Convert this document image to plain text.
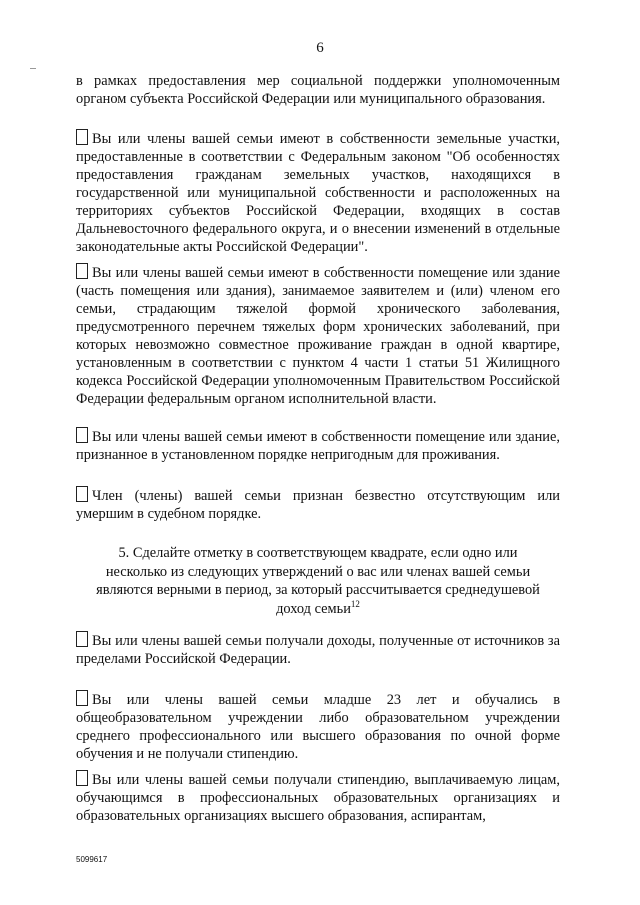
6

в рамках предоставления мер социальной поддержки уполномоченным органом субъекта Российской Федерации или муниципального образования.

Вы или члены вашей семьи имеют в собственности земельные участки, предоставленные в соответствии с Федеральным законом "Об особенностях предоставления гражданам земельных участков, находящихся в государственной или муниципальной собственности и расположенных на территориях субъектов Российской Федерации, входящих в состав Дальневосточного федерального округа, и о внесении изменений в отдельные законодательные акты Российской Федерации".

Вы или члены вашей семьи имеют в собственности помещение или здание (часть помещения или здания), занимаемое заявителем и (или) членом его семьи, страдающим тяжелой формой хронического заболевания, предусмотренного перечнем тяжелых форм хронических заболеваний, при которых невозможно совместное проживание граждан в одной квартире, установленным в соответствии с пунктом 4 части 1 статьи 51 Жилищного кодекса Российской Федерации уполномоченным Правительством Российской Федерации федеральным органом исполнительной власти.

Вы или члены вашей семьи имеют в собственности помещение или здание, признанное в установленном порядке непригодным для проживания.

Член (члены) вашей семьи признан безвестно отсутствующим или умершим в судебном порядке.

5. Сделайте отметку в соответствующем квадрате, если одно или несколько из следующих утверждений о вас или членах вашей семьи являются верными в период, за который рассчитывается среднедушевой доход семьи$^{12}$

Вы или члены вашей семьи получали доходы, полученные от источников за пределами Российской Федерации.

Вы или члены вашей семьи младше 23 лет и обучались в общеобразовательном учреждении либо образовательном учреждении среднего профессионального или высшего образования по очной форме обучения и не получали стипендию.

Вы или члены вашей семьи получали стипендию, выплачиваемую лицам, обучающимся в профессиональных образовательных организациях и образовательных организациях высшего образования, аспирантам,

5099617
